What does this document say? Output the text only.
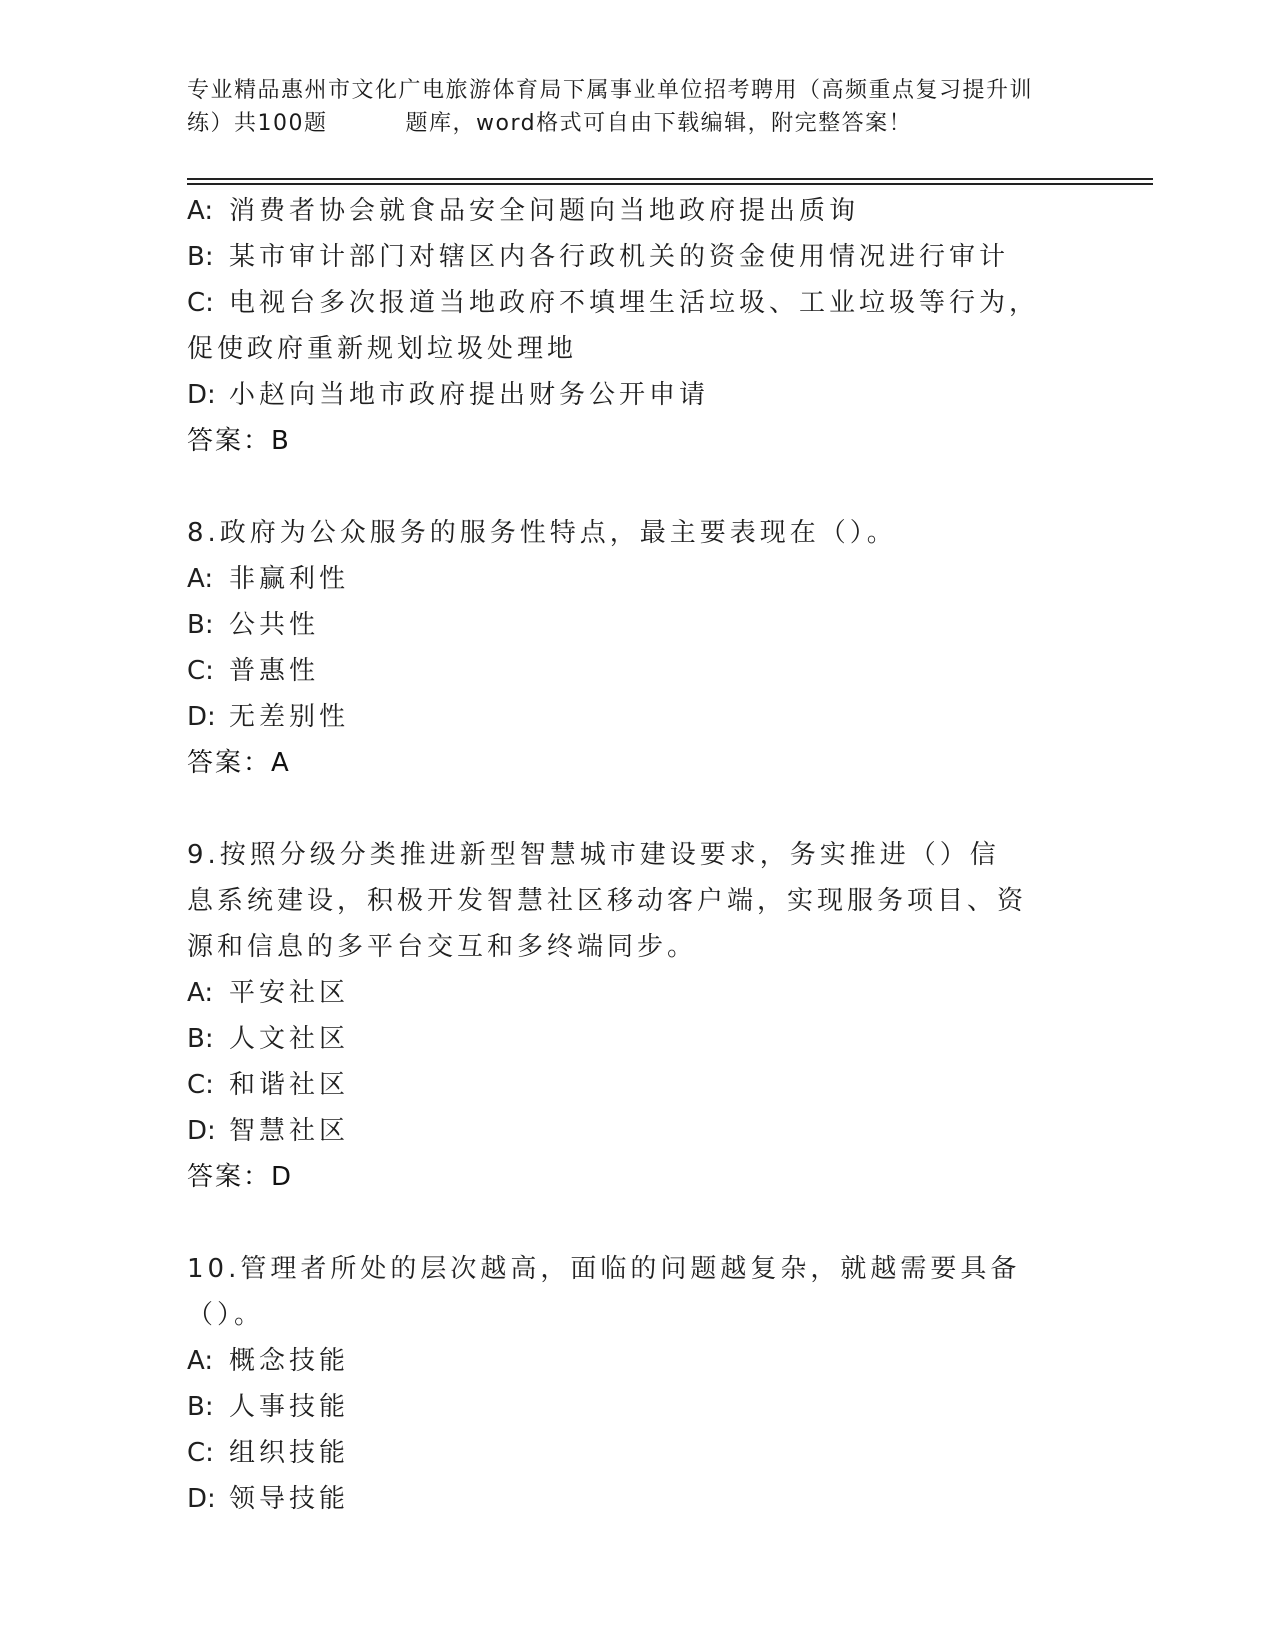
专业精品惠州市文化广电旅游体育局下属事业单位招考聘用（高频重点复习提升训
练）共100题	题库，word格式可自由下载编辑，附完整答案！
A: 消费者协会就食品安全问题向当地政府提出质询
B: 某市审计部门对辖区内各行政机关的资金使用情况进行审计
C: 电视台多次报道当地政府不填埋生活垃圾、工业垃圾等行为，促使政府重新规划垃圾处理地
D: 小赵向当地市政府提出财务公开申请
答案：B
8.政府为公众服务的服务性特点，最主要表现在（）。
A: 非赢利性
B: 公共性
C: 普惠性
D: 无差别性
答案：A
9.按照分级分类推进新型智慧城市建设要求，务实推进（）信息系统建设，积极开发智慧社区移动客户端，实现服务项目、资源和信息的多平台交互和多终端同步。
A: 平安社区
B: 人文社区
C: 和谐社区
D: 智慧社区
答案：D
10.管理者所处的层次越高，面临的问题越复杂，就越需要具备（）。
A: 概念技能
B: 人事技能
C: 组织技能
D: 领导技能
